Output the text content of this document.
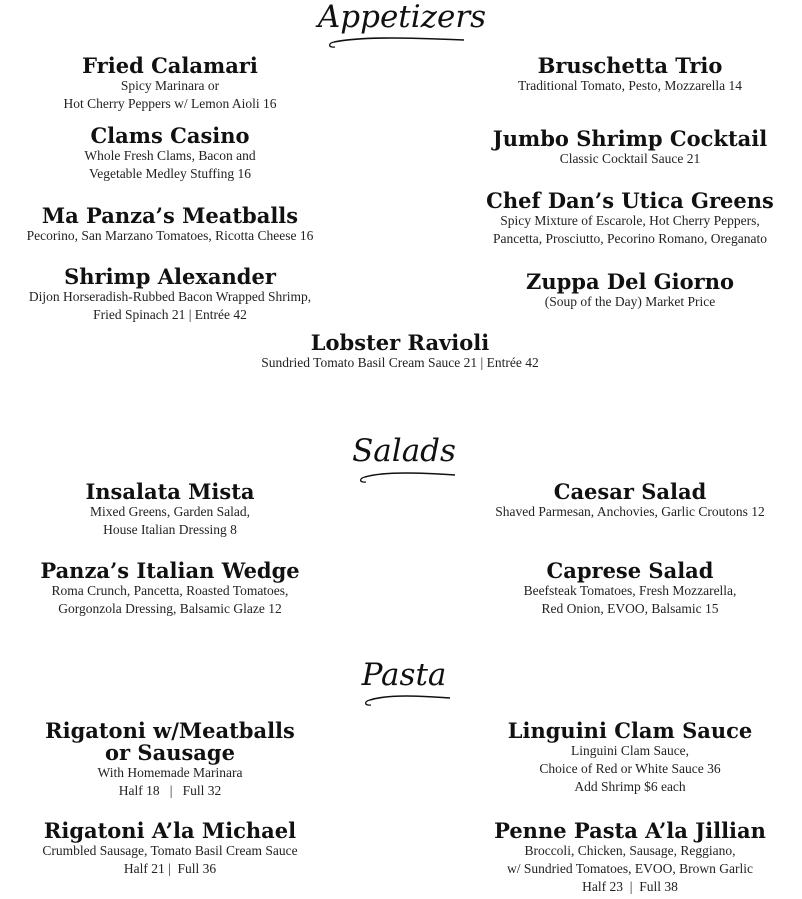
Appetizers
Fried Calamari
Spicy Marinara or
Hot Cherry Peppers w/ Lemon Aioli 16
Bruschetta Trio
Traditional Tomato, Pesto, Mozzarella 14
Clams Casino
Whole Fresh Clams, Bacon and
Vegetable Medley Stuffing 16
Jumbo Shrimp Cocktail
Classic Cocktail Sauce 21
Chef Dan’s Utica Greens
Spicy Mixture of Escarole, Hot Cherry Peppers,
Pancetta, Prosciutto, Pecorino Romano, Oreganato
Ma Panza’s Meatballs
Pecorino, San Marzano Tomatoes, Ricotta Cheese 16
Shrimp Alexander
Dijon Horseradish-Rubbed Bacon Wrapped Shrimp,
Fried Spinach 21 | Entrée 42
Zuppa Del Giorno
(Soup of the Day) Market Price
Lobster Ravioli
Sundried Tomato Basil Cream Sauce 21 | Entrée 42
Salads
Insalata Mista
Mixed Greens, Garden Salad,
House Italian Dressing 8
Caesar Salad
Shaved Parmesan, Anchovies, Garlic Croutons 12
Panza’s Italian Wedge
Roma Crunch, Pancetta, Roasted Tomatoes,
Gorgonzola Dressing, Balsamic Glaze 12
Caprese Salad
Beefsteak Tomatoes, Fresh Mozzarella,
Red Onion, EVOO, Balsamic 15
Pasta
Rigatoni w/Meatballs
or Sausage
With Homemade Marinara
Half 18   |   Full 32
Linguini Clam Sauce
Linguini Clam Sauce,
Choice of Red or White Sauce 36
Add Shrimp $6 each
Rigatoni A’la Michael
Crumbled Sausage, Tomato Basil Cream Sauce
Half 21 |  Full 36
Penne Pasta A’la Jillian
Broccoli, Chicken, Sausage, Reggiano,
w/ Sundried Tomatoes, EVOO, Brown Garlic
Half 23  |  Full 38
